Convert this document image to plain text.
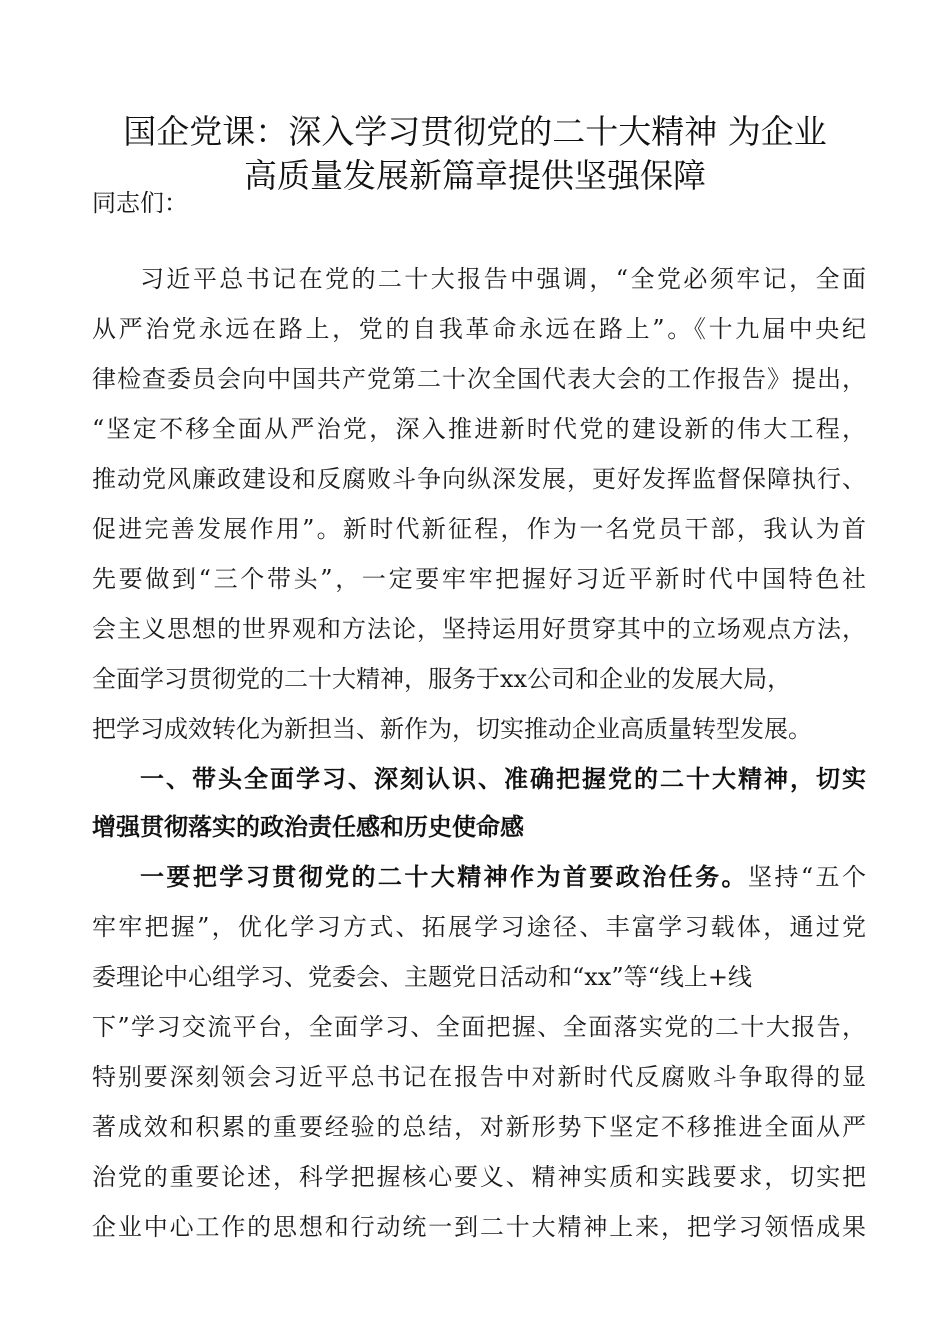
国企党课：深入学习贯彻党的二十大精神 为企业
高质量发展新篇章提供坚强保障
同志们：
习近平总书记在党的二十大报告中强调，“全党必须牢记，全面
从严治党永远在路上，党的自我革命永远在路上”。《十九届中央纪
律检查委员会向中国共产党第二十次全国代表大会的工作报告》提出，
“坚定不移全面从严治党，深入推进新时代党的建设新的伟大工程，
推动党风廉政建设和反腐败斗争向纵深发展，更好发挥监督保障执行、
促进完善发展作用”。新时代新征程，作为一名党员干部，我认为首
先要做到“三个带头”，一定要牢牢把握好习近平新时代中国特色社
会主义思想的世界观和方法论，坚持运用好贯穿其中的立场观点方法，
全面学习贯彻党的二十大精神，服务于xx公司和企业的发展大局，
把学习成效转化为新担当、新作为，切实推动企业高质量转型发展。
一、带头全面学习、深刻认识、准确把握党的二十大精神，切实
增强贯彻落实的政治责任感和历史使命感
一要把学习贯彻党的二十大精神作为首要政治任务。坚持“五个
牢牢把握”，优化学习方式、拓展学习途径、丰富学习载体，通过党
委理论中心组学习、党委会、主题党日活动和“xx”等“线上+线
下”学习交流平台，全面学习、全面把握、全面落实党的二十大报告，
特别要深刻领会习近平总书记在报告中对新时代反腐败斗争取得的显
著成效和积累的重要经验的总结，对新形势下坚定不移推进全面从严
治党的重要论述，科学把握核心要义、精神实质和实践要求，切实把
企业中心工作的思想和行动统一到二十大精神上来，把学习领悟成果
